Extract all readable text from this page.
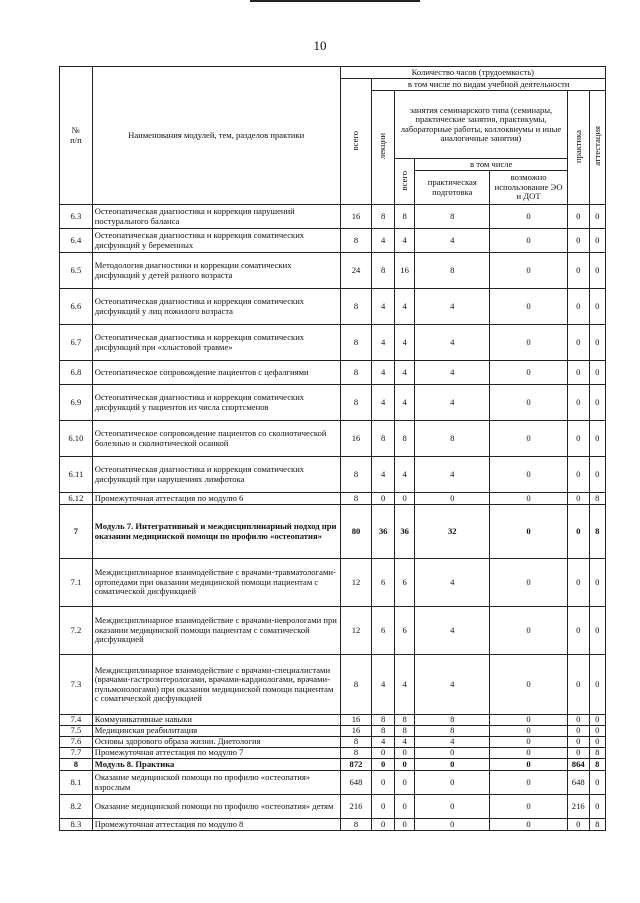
10
№
п/п	Наименования модулей, тем, разделов практики	Количество часов (трудоемкость)						
		всего	в том числе по видам учебной деятельности					
			лекции	занятия семинарского типа (семинары, практические занятия, практикумы, лабораторные работы, коллоквиумы и иные аналогичные занятия)			практика	аттестация
				всего	в том числе			
					практическая подготовка	возможно использование ЭО и ДОТ		
6.3	Остеопатическая диагностика и коррекция нарушений постурального баланса	16	8	8	8	0	0	0
6.4	Остеопатическая диагностика и коррекция соматических дисфункций у беременных	8	4	4	4	0	0	0
6.5	Методология диагностики и коррекции соматических дисфункций у детей разного возраста	24	8	16	8	0	0	0
6.6	Остеопатическая диагностика и коррекция соматических дисфункций у лиц пожилого возраста	8	4	4	4	0	0	0
6.7	Остеопатическая диагностика и коррекция соматических дисфункций при «хлыстовой травме»	8	4	4	4	0	0	0
6.8	Остеопатическое сопровождение пациентов с цефалгиями	8	4	4	4	0	0	0
6.9	Остеопатическая диагностика и коррекция соматических дисфункций у пациентов из числа спортсменов	8	4	4	4	0	0	0
6.10	Остеопатическое сопровождение пациентов со сколиотической болезнью и сколиотической осанкой	16	8	8	8	0	0	0
6.11	Остеопатическая диагностика и коррекция соматических дисфункций при нарушениях лимфотока	8	4	4	4	0	0	0
6.12	Промежуточная аттестация по модулю 6	8	0	0	0	0	0	8
7	Модуль 7. Интегративный и междисциплинарный подход при оказании медицинской помощи по профилю «остеопатия»	80	36	36	32	0	0	8
7.1	Междисциплинарное взаимодействие с врачами-травматологами-ортопедами при оказании медицинской помощи пациентам с соматической дисфункцией	12	6	6	4	0	0	0
7.2	Междисциплинарное взаимодействие с врачами-неврологами при оказании медицинской помощи пациентам с соматической дисфункцией	12	6	6	4	0	0	0
7.3	Междисциплинарное взаимодействие с врачами-специалистами (врачами-гастроэнтерологами, врачами-кардиологами, врачами-пульмонологами) при оказании медицинской помощи пациентам с соматической дисфункцией	8	4	4	4	0	0	0
7.4	Коммуникативные навыки	16	8	8	8	0	0	0
7.5	Медицинская реабилитация	16	8	8	8	0	0	0
7.6	Основы здорового образа жизни. Диетология	8	4	4	4	0	0	0
7.7	Промежуточная аттестация по модулю 7	8	0	0	0	0	0	8
8	Модуль 8. Практика	872	0	0	0	0	864	8
8.1	Оказание медицинской помощи по профилю «остеопатия» взрослым	648	0	0	0	0	648	0
8.2	Оказание медицинской помощи по профилю «остеопатия» детям	216	0	0	0	0	216	0
8.3	Промежуточная аттестация по модулю 8	8	0	0	0	0	0	8
